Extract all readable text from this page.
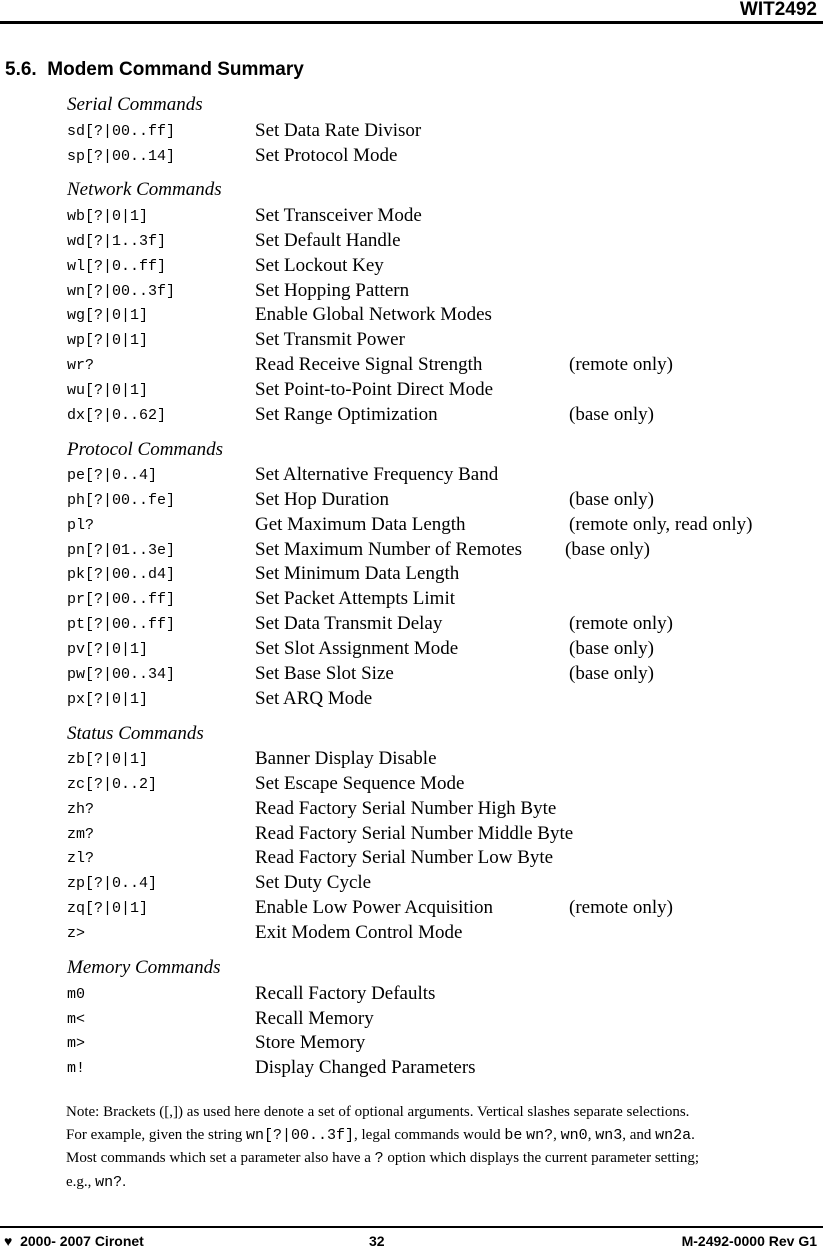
WIT2492
5.6. Modem Command Summary
Serial Commands
Network Commands
Protocol Commands
Status Commands
Memory Commands
sd[?|00..ff]	Set Data Rate Divisor
sp[?|00..14]	Set Protocol Mode
wb[?|0|1]	Set Transceiver Mode
wd[?|1..3f]	Set Default Handle
wl[?|0..ff]	Set Lockout Key
wn[?|00..3f]	Set Hopping Pattern
wg[?|0|1]	Enable Global Network Modes
wp[?|0|1]	Set Transmit Power
wr?	Read Receive Signal Strength	(remote only)
wu[?|0|1]	Set Point-to-Point Direct Mode
dx[?|0..62]	Set Range Optimization	(base only)
pe[?|0..4]	Set Alternative Frequency Band
ph[?|00..fe]	Set Hop Duration	(base only)
pl?	Get Maximum Data Length	(remote only, read only)
pn[?|01..3e]	Set Maximum Number of Remotes (base only)
pk[?|00..d4]	Set Minimum Data Length
pr[?|00..ff]	Set Packet Attempts Limit
pt[?|00..ff]	Set Data Transmit Delay	(remote only)
pv[?|0|1]	Set Slot Assignment Mode	(base only)
pw[?|00..34]	Set Base Slot Size	(base only)
px[?|0|1]	Set ARQ Mode
zb[?|0|1]	Banner Display Disable
zc[?|0..2]	Set Escape Sequence Mode
zh?	Read Factory Serial Number High Byte
zm?	Read Factory Serial Number Middle Byte
zl?	Read Factory Serial Number Low Byte
zp[?|0..4]	Set Duty Cycle
zq[?|0|1]	Enable Low Power Acquisition	(remote only)
z>	Exit Modem Control Mode
m0	Recall Factory Defaults
m<	Recall Memory
m>	Store Memory
m!	Display Changed Parameters

Note: Brackets ([,]) as used here denote a set of optional arguments. Vertical slashes separate selections.

For example, given the string wn[?|00..3f], legal commands would be wn?, wn0, wn3, and wn2a.

Most commands which set a parameter also have a ? option which displays the current parameter setting;

e.g., wn?.

♥  2000- 2007 Cironet	32	M-2492-0000 Rev G1
